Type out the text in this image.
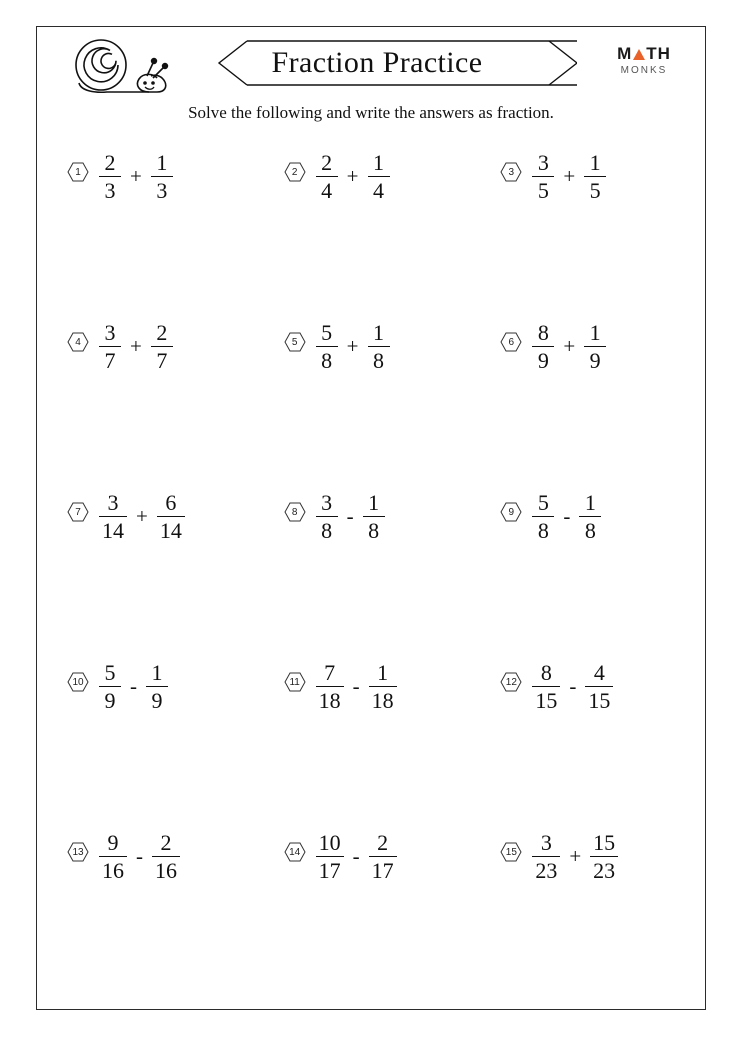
Fraction Practice	M TH
MONKS
Solve the following and write the answers as fraction.
$1 \frac{2}{3} + \frac{1}{3}$	$2 \frac{2}{4} + \frac{1}{4}$	$3 \frac{3}{5} + \frac{1}{5}$
$4 \frac{3}{7} + \frac{2}{7}$	$5 \frac{5}{8} + \frac{1}{8}$	$6 \frac{8}{9} + \frac{1}{9}$
$7 \frac{3}{14} + \frac{6}{14}$	$8 \frac{3}{8} - \frac{1}{8}$	$9 \frac{5}{8} - \frac{1}{8}$
$10 \frac{5}{9} - \frac{1}{9}$	$11 \frac{7}{18} - \frac{1}{18}$	$12 \frac{8}{15} - \frac{4}{15}$
$13 \frac{9}{16} - \frac{2}{16}$	$14 \frac{10}{17} - \frac{2}{17}$	$15 \frac{3}{23} + \frac{15}{23}$
